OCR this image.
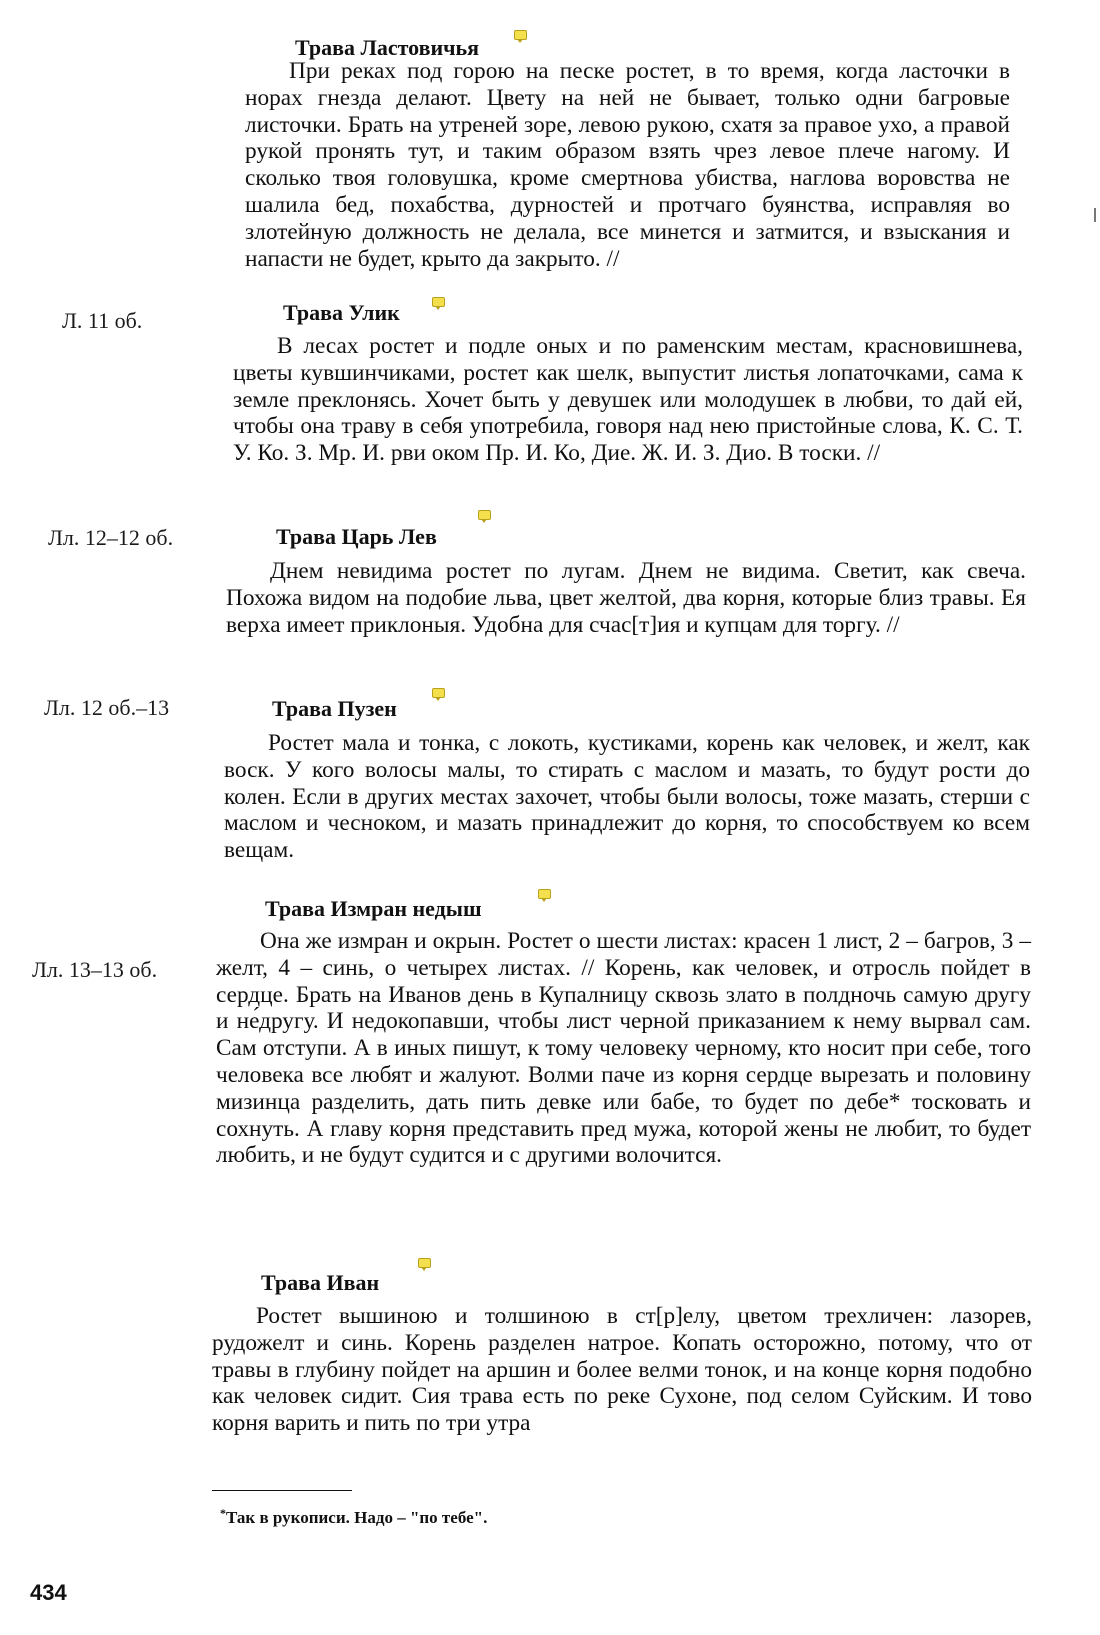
Трава Ластовичья

При реках под горою на песке ростет, в то время, когда ласточки в норах гнезда делают. Цвету на ней не бывает, только одни багровые листочки. Брать на утреней зоре, левою рукою, схатя за правое ухо, а правой рукой пронять тут, и таким образом взять чрез левое плече нагому. И сколько твоя головушка, кроме смертнова убиства, наглова воровства не шалила бед, похабства, дурностей и протчаго буянства, исправляя во злотейную должность не делала, все минется и затмится, и взыскания и напасти не будет, крыто да закрыто. //

Л. 11 об.	Трава Улик

В лесах ростет и подле оных и по раменским местам, красновишнева, цветы кувшинчиками, ростет как шелк, выпустит листья лопаточками, сама к земле преклонясь. Хочет быть у девушек или молодушек в любви, то дай ей, чтобы она траву в себя употребила, говоря над нею пристойные слова, К. С. Т. У. Ко. З. Мр. И. рви оком Пр. И. Ко, Дие. Ж. И. З. Дио. В тоски. //

Лл. 12–12 об.	Трава Царь Лев

Днем невидима ростет по лугам. Днем не видима. Светит, как свеча. Похожа видом на подобие льва, цвет желтой, два корня, которые близ травы. Ея верха имеет приклоныя. Удобна для счас[т]ия и купцам для торгу. //

Лл. 12 об.–13	Трава Пузен

Ростет мала и тонка, с локоть, кустиками, корень как человек, и желт, как воск. У кого волосы малы, то стирать с маслом и мазать, то будут рости до колен. Если в других местах захочет, чтобы были волосы, тоже мазать, стерши с маслом и чесноком, и мазать принадлежит до корня, то способствуем ко всем вещам.

Трава Измран недыш
Лл. 13–13 об.

Она же измран и окрын. Ростет о шести листах: красен 1 лист, 2 – багров, 3 – желт, 4 – синь, о четырех листах. // Корень, как человек, и отросль пойдет в сердце. Брать на Иванов день в Купалницу сквозь злато в полдночь самую другу и не́другу. И недокопавши, чтобы лист черной приказанием к нему вырвал сам. Сам отступи. А в иных пишут, к тому человеку черному, кто носит при себе, того человека все любят и жалуют. Волми паче из корня сердце вырезать и половину мизинца разделить, дать пить девке или бабе, то будет по дебе* тосковать и сохнуть. А главу корня представить пред мужа, которой жены не любит, то будет любить, и не будут судится и с другими волочится.

Трава Иван

Ростет вышиною и толшиною в ст[р]елу, цветом трехличен: лазорев, рудожелт и синь. Корень разделен натрое. Копать осторожно, потому, что от травы в глубину пойдет на аршин и более велми тонок, и на конце корня подобно как человек сидит. Сия трава есть по реке Сухоне, под селом Суйским. И тово корня варить и пить по три утра

*Так в рукописи. Надо – "по тебе".
434
